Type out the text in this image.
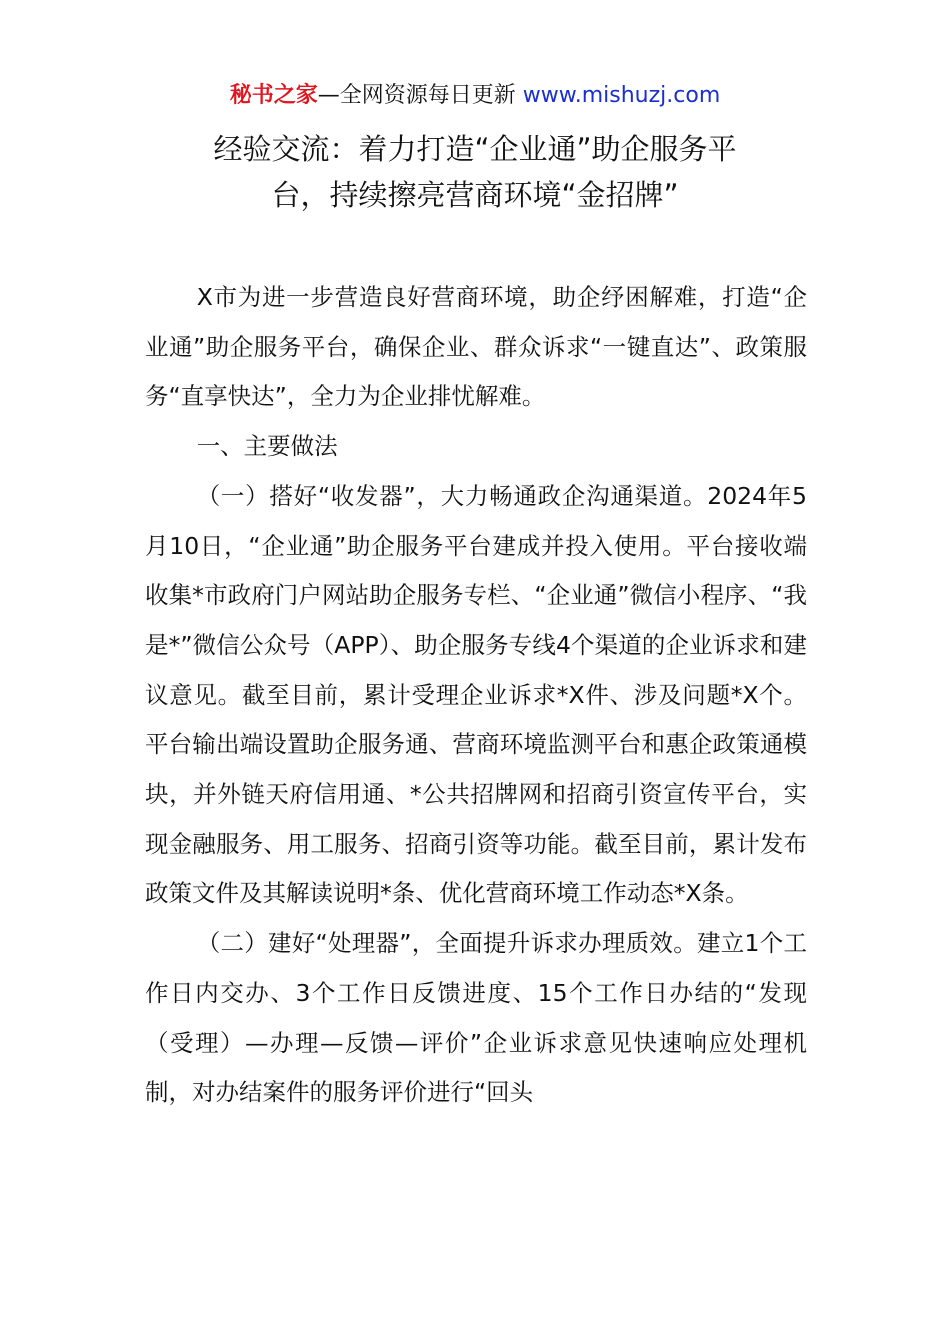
秘书之家—全网资源每日更新 www.mishuzj.com
经验交流：着力打造“企业通”助企服务平
台，持续擦亮营商环境“金招牌”

X市为进一步营造良好营商环境，助企纾困解难，打造“企业通”助企服务平台，确保企业、群众诉求“一键直达”、政策服务“直享快达”，全力为企业排忧解难。

一、主要做法

（一）搭好“收发器”，大力畅通政企沟通渠道。2024年5月10日，“企业通”助企服务平台建成并投入使用。平台接收端收集*市政府门户网站助企服务专栏、“企业通”微信小程序、“我是*”微信公众号（APP）、助企服务专线4个渠道的企业诉求和建议意见。截至目前，累计受理企业诉求*X件、涉及问题*X个。平台输出端设置助企服务通、营商环境监测平台和惠企政策通模块，并外链天府信用通、*公共招牌网和招商引资宣传平台，实现金融服务、用工服务、招商引资等功能。截至目前，累计发布政策文件及其解读说明*条、优化营商环境工作动态*X条。

（二）建好“处理器”，全面提升诉求办理质效。建立1个工作日内交办、3个工作日反馈进度、15个工作日办结的“发现（受理）—办理—反馈—评价”企业诉求意见快速响应处理机制，对办结案件的服务评价进行“回头
